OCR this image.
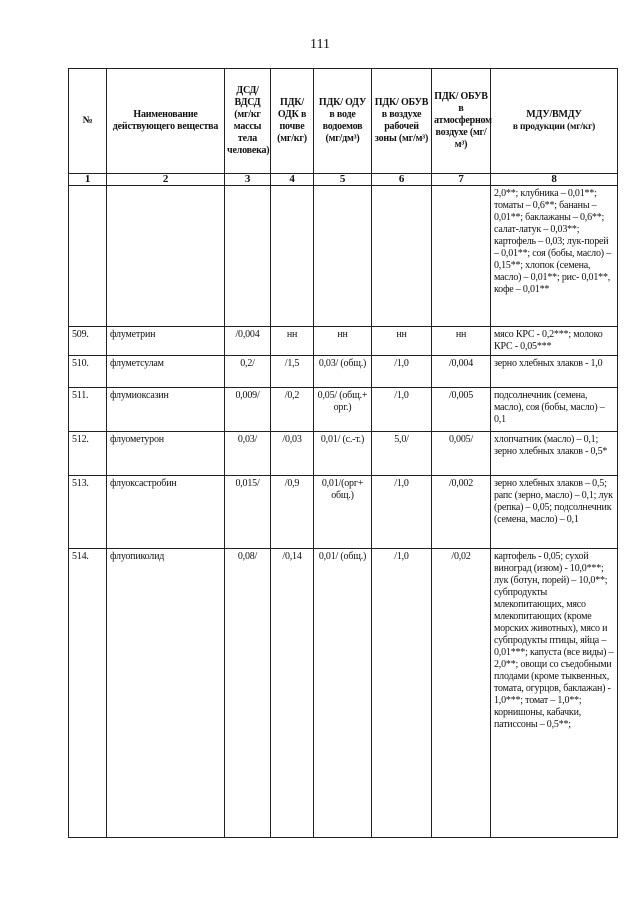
111
№	Наименование действующего вещества	ДСД/ ВДСД (мг/кг массы тела человека)	ПДК/ ОДК в почве (мг/кг)	ПДК/ ОДУ в воде водоемов (мг/дм³)	ПДК/ ОБУВ в воздухе рабочей зоны (мг/м³)	ПДК/ ОБУВ в атмосферном воздухе (мг/м³)	МДУ/ВМДУ
в продукции (мг/кг)

1	2	3	4	5	6	7	8
							2,0**; клубника – 0,01**; томаты – 0,6**; бананы – 0,01**; баклажаны – 0,6**; салат-латук – 0,03**; картофель – 0,03; лук-порей – 0,01**; соя (бобы, масло) – 0,15**; хлопок (семена, масло) – 0,01**; рис- 0,01**, кофе – 0,01**
509.	флуметрин	/0,004	нн	нн	нн	нн	мясо КРС - 0,2***; молоко КРС - 0,05***
510.	флуметсулам	0,2/	/1,5	0,03/ (общ.)	/1,0	/0,004	зерно хлебных злаков - 1,0
511.	флумиоксазин	0,009/	/0,2	0,05/ (общ.+ орг.)	/1,0	/0,005	подсолнечник (семена, масло), соя (бобы, масло) – 0,1
512.	флуометурон	0,03/	/0,03	0,01/ (с.-т.)	5,0/	0,005/	хлопчатник (масло) – 0,1; зерно хлебных злаков - 0,5*
513.	флуоксастробин	0,015/	/0,9	0,01/(орг+ общ.)	/1,0	/0,002	зерно хлебных злаков – 0,5; рапс (зерно, масло) – 0,1; лук (репка) – 0,05; подсолнечник (семена, масло) – 0,1
514.	флуопиколид	0,08/	/0,14	0,01/ (общ.)	/1,0	/0,02	картофель - 0,05; сухой виноград (изюм) - 10,0***; лук (ботун, порей) – 10,0**; субпродукты млекопитающих, мясо млекопитающих (кроме морских животных), мясо и субпродукты птицы, яйца – 0,01***; капуста (все виды) – 2,0**; овощи со съедобными плодами (кроме тыквенных, томата, огурцов, баклажан) - 1,0***; томат – 1,0**; корнишоны, кабачки, патиссоны – 0,5**;
